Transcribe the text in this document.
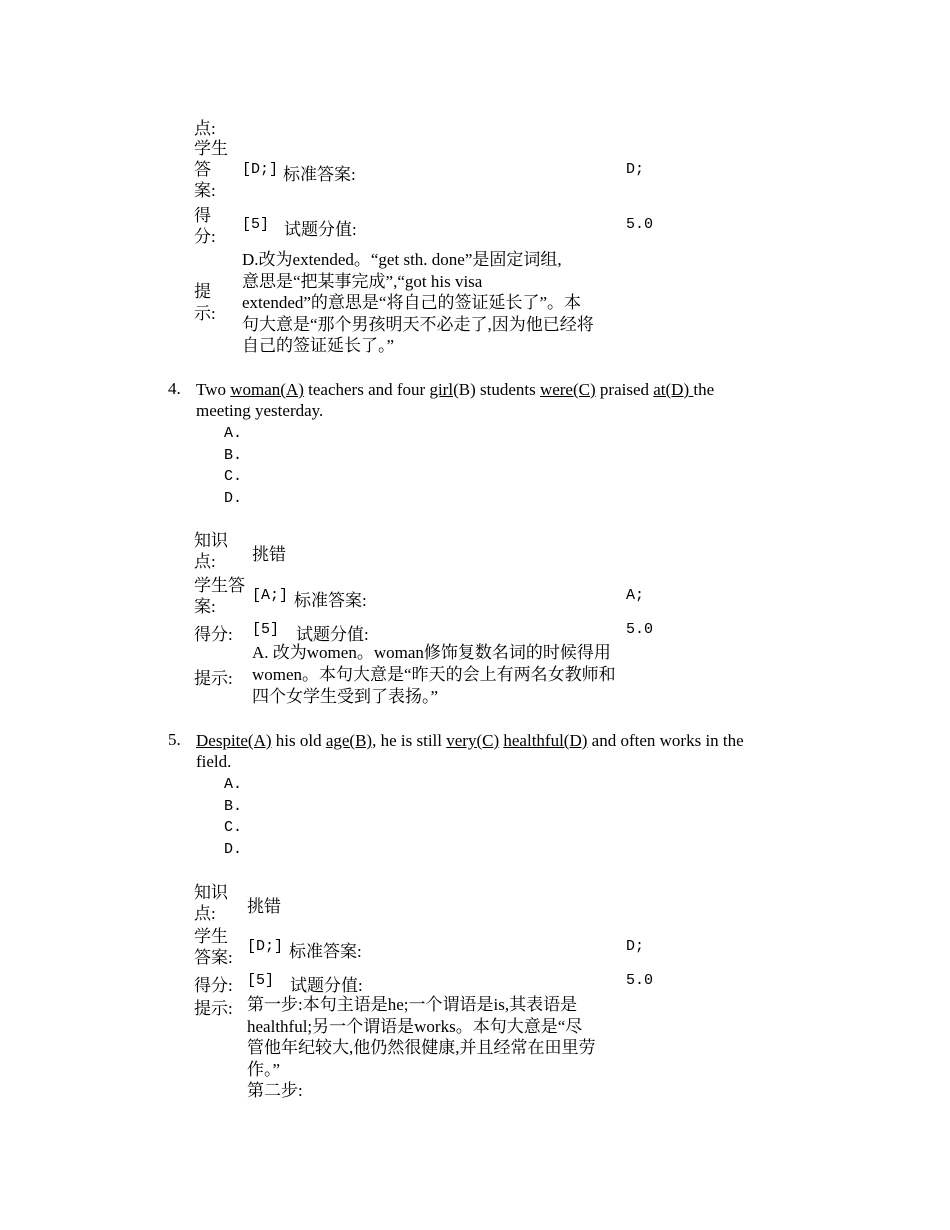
点:
学生
答
案:
[D;] 标准答案:	D;
得
分:
[5] 试题分值:	5.0
提
示:
D.改为extended。“get sth. done”是固定词组,
意思是“把某事完成”,“got his visa
extended”的意思是“将自己的签证延长了”。本
句大意是“那个男孩明天不必走了,因为他已经将
自己的签证延长了。”
4. Two woman(A) teachers and four girl(B) students were(C) praised at(D) the
meeting yesterday.
A.
B.
C.
D.
知识
点:	挑错
学生答
案:
[A;] 标准答案:	A;
得分: [5] 试题分值:	5.0
提示:
A. 改为women。woman修饰复数名词的时候得用
women。本句大意是“昨天的会上有两名女教师和
四个女学生受到了表扬。”
5. Despite(A) his old age(B), he is still very(C) healthful(D) and often works in the
field.
A.
B.
C.
D.
知识
点:	挑错
学生
答案:
[D;] 标准答案:	D;
得分: [5] 试题分值:	5.0
提示: 第一步:本句主语是he;一个谓语是is,其表语是
healthful;另一个谓语是works。本句大意是“尽
管他年纪较大,他仍然很健康,并且经常在田里劳
作。”
第二步:
